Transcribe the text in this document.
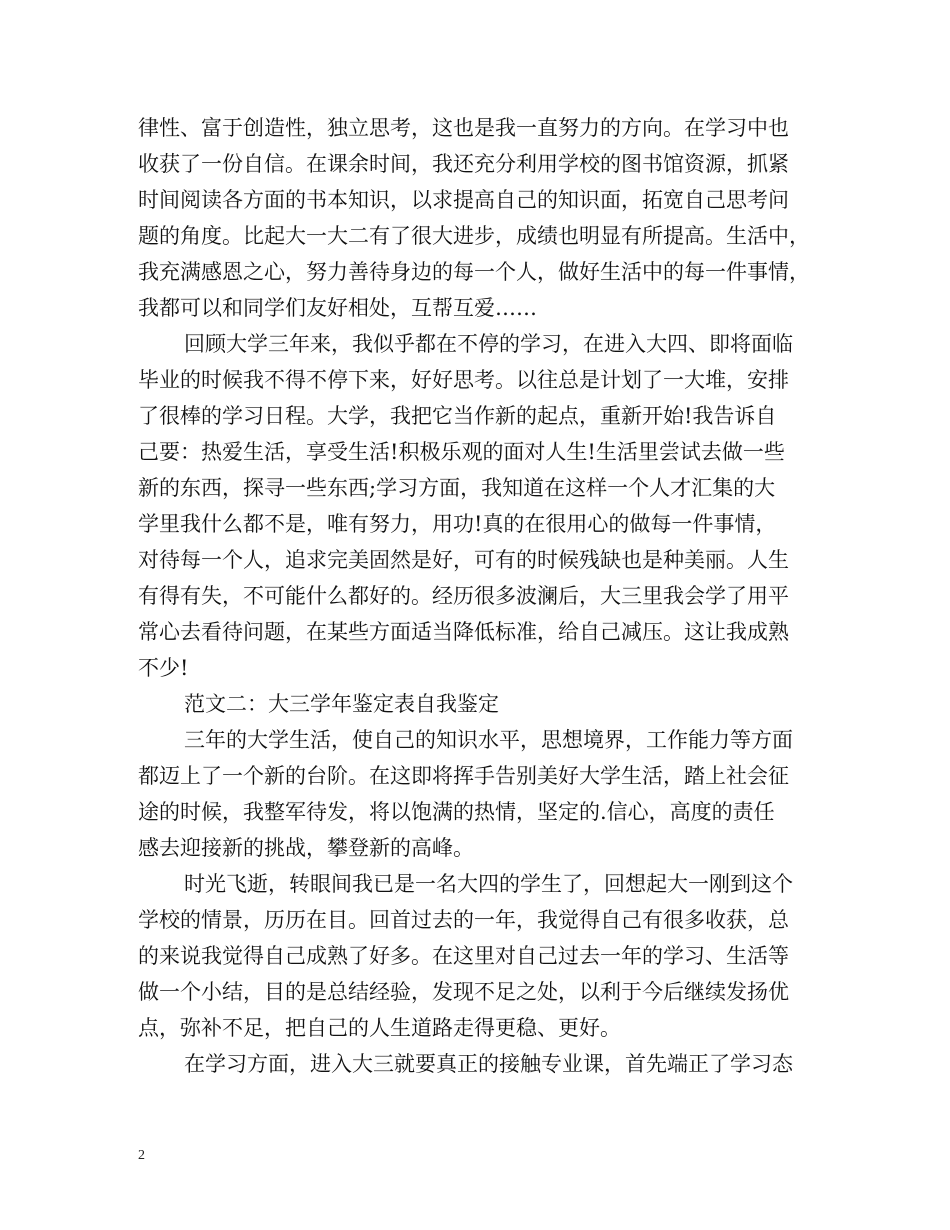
律性、富于创造性，独立思考，这也是我一直努力的方向。在学习中也
收获了一份自信。在课余时间，我还充分利用学校的图书馆资源，抓紧
时间阅读各方面的书本知识，以求提高自己的知识面，拓宽自己思考问
题的角度。比起大一大二有了很大进步，成绩也明显有所提高。生活中，
我充满感恩之心，努力善待身边的每一个人，做好生活中的每一件事情，
我都可以和同学们友好相处，互帮互爱……
回顾大学三年来，我似乎都在不停的学习，在进入大四、即将面临
毕业的时候我不得不停下来，好好思考。以往总是计划了一大堆，安排
了很棒的学习日程。大学，我把它当作新的起点，重新开始!我告诉自
己要：热爱生活，享受生活!积极乐观的面对人生!生活里尝试去做一些
新的东西，探寻一些东西;学习方面，我知道在这样一个人才汇集的大
学里我什么都不是，唯有努力，用功!真的在很用心的做每一件事情，
对待每一个人，追求完美固然是好，可有的时候残缺也是种美丽。人生
有得有失，不可能什么都好的。经历很多波澜后，大三里我会学了用平
常心去看待问题，在某些方面适当降低标准，给自己减压。这让我成熟
不少!
范文二：大三学年鉴定表自我鉴定
三年的大学生活，使自己的知识水平，思想境界，工作能力等方面
都迈上了一个新的台阶。在这即将挥手告别美好大学生活，踏上社会征
途的时候，我整军待发，将以饱满的热情，坚定的.信心，高度的责任
感去迎接新的挑战，攀登新的高峰。
时光飞逝，转眼间我已是一名大四的学生了，回想起大一刚到这个
学校的情景，历历在目。回首过去的一年，我觉得自己有很多收获，总
的来说我觉得自己成熟了好多。在这里对自己过去一年的学习、生活等
做一个小结，目的是总结经验，发现不足之处，以利于今后继续发扬优
点，弥补不足，把自己的人生道路走得更稳、更好。
在学习方面，进入大三就要真正的接触专业课，首先端正了学习态
2
